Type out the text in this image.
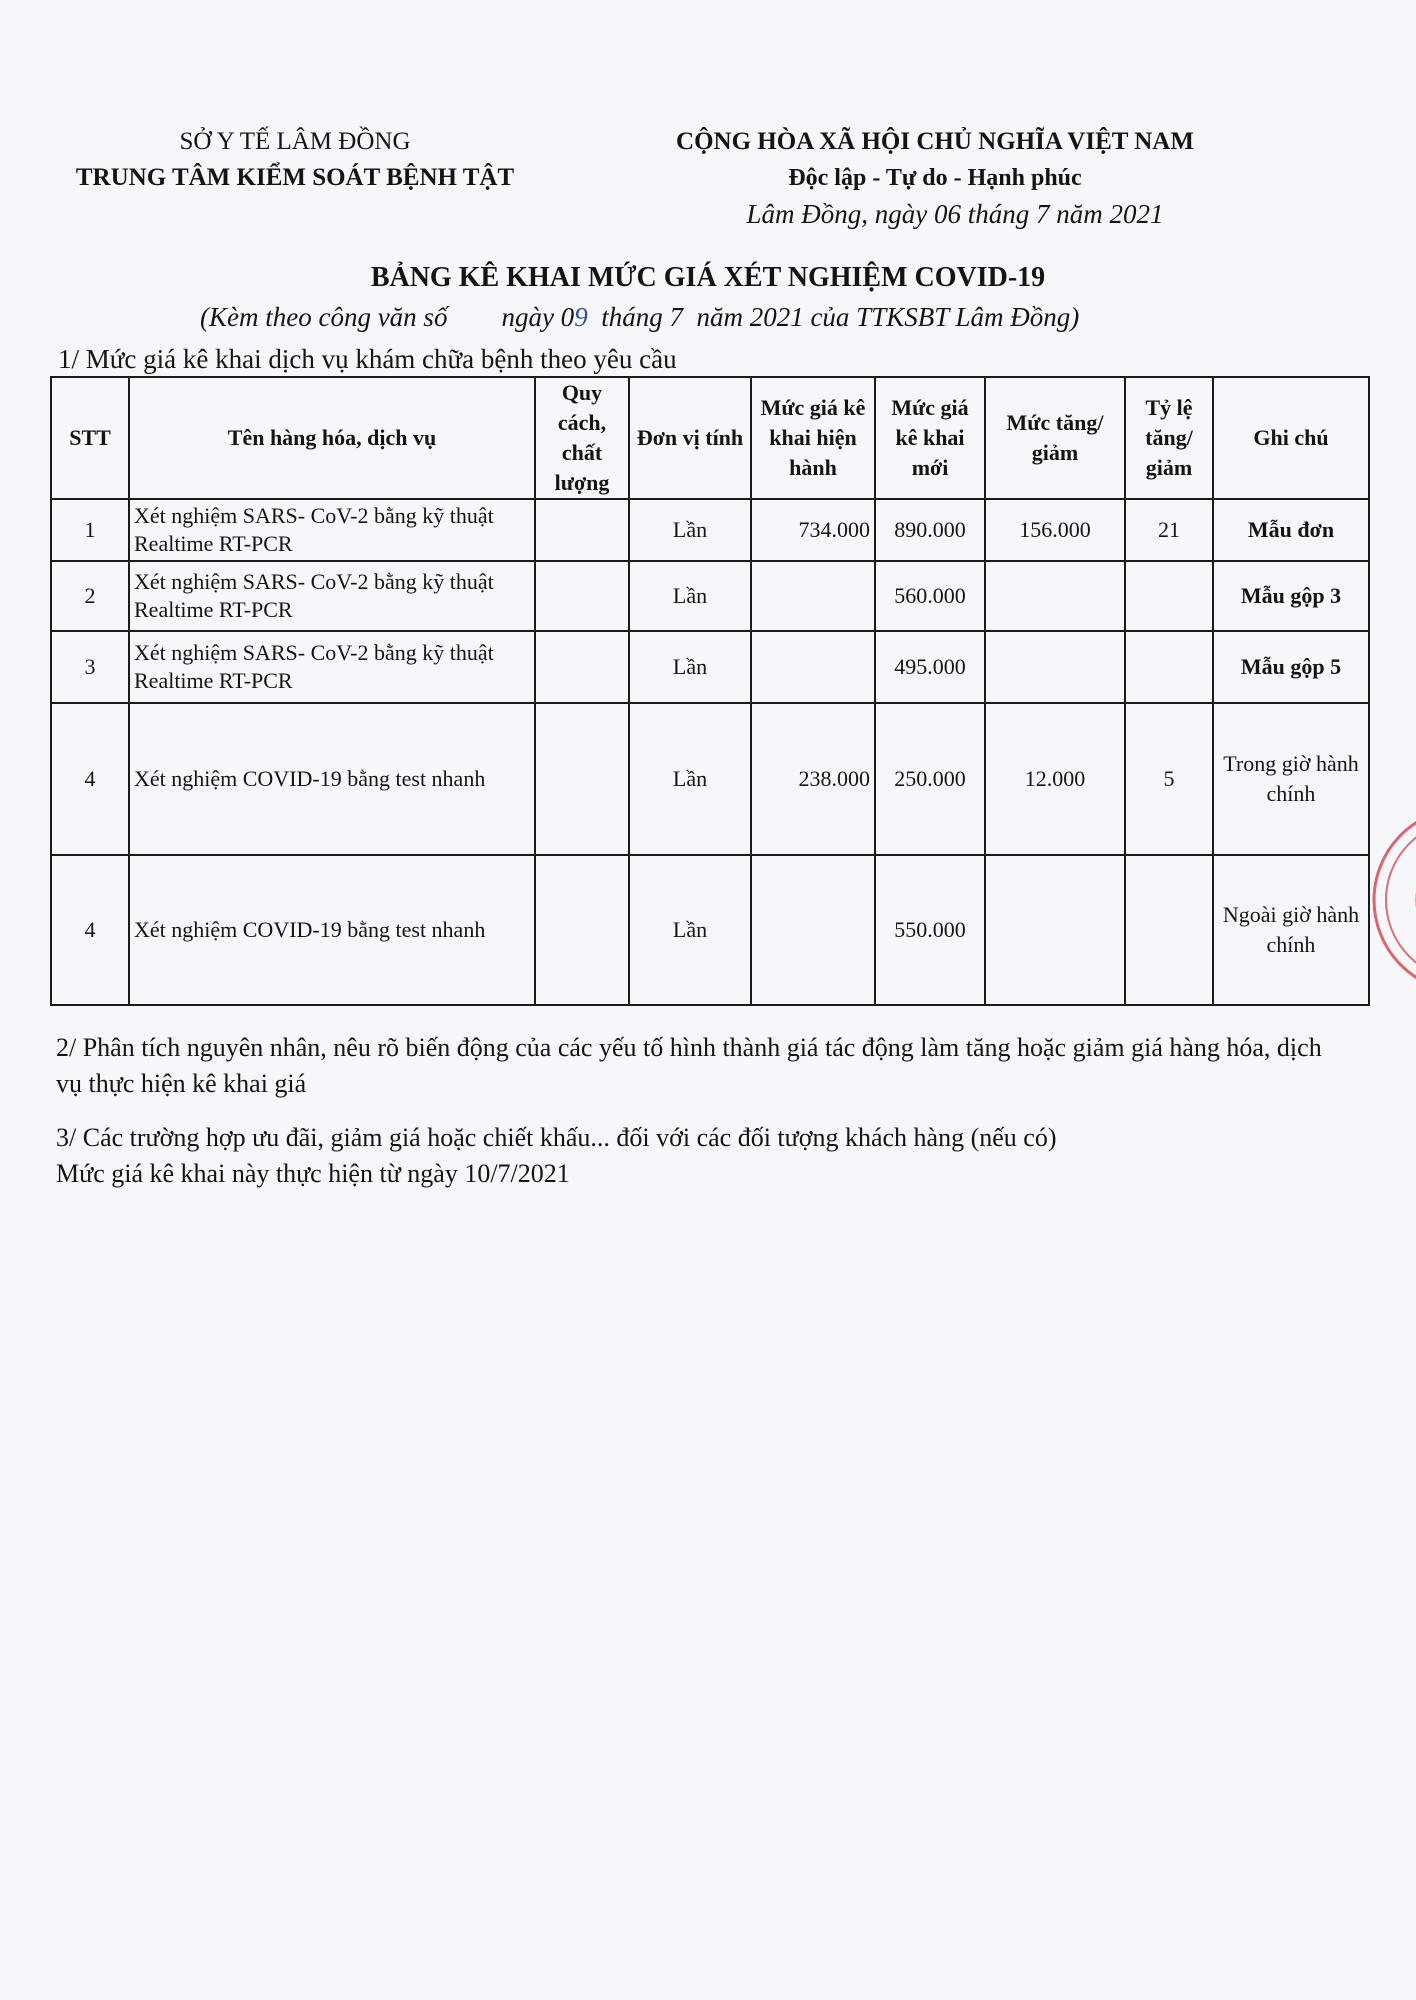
SỞ Y TẾ LÂM ĐỒNG
TRUNG TÂM KIỂM SOÁT BỆNH TẬT
CỘNG HÒA XÃ HỘI CHỦ NGHĨA VIỆT NAM
Độc lập - Tự do - Hạnh phúc
Lâm Đồng, ngày 06 tháng 7 năm 2021
BẢNG KÊ KHAI MỨC GIÁ XÉT NGHIỆM COVID-19
(Kèm theo công văn số        ngày 09  tháng 7  năm 2021 của TTKSBT Lâm Đồng)
1/ Mức giá kê khai dịch vụ khám chữa bệnh theo yêu cầu
STT	Tên hàng hóa, dịch vụ	Quy cách, chất lượng	Đơn vị tính	Mức giá kê khai hiện hành	Mức giá kê khai mới	Mức tăng/ giảm	Tỷ lệ tăng/ giảm	Ghi chú
1	Xét nghiệm SARS- CoV-2 bằng kỹ thuật Realtime RT-PCR		Lần	734.000	890.000	156.000	21	Mẫu đơn
2	Xét nghiệm SARS- CoV-2 bằng kỹ thuật Realtime RT-PCR		Lần		560.000			Mẫu gộp 3
3	Xét nghiệm SARS- CoV-2 bằng kỹ thuật Realtime RT-PCR		Lần		495.000			Mẫu gộp 5
4	Xét nghiệm COVID-19 bằng test nhanh		Lần	238.000	250.000	12.000	5	Trong giờ hành chính
4	Xét nghiệm COVID-19 bằng test nhanh		Lần		550.000			Ngoài giờ hành chính
2/ Phân tích nguyên nhân, nêu rõ biến động của các yếu tố hình thành giá tác động làm tăng hoặc giảm giá hàng hóa, dịch vụ thực hiện kê khai giá
3/ Các trường hợp ưu đãi, giảm giá hoặc chiết khấu... đối với các đối tượng khách hàng (nếu có)
Mức giá kê khai này thực hiện từ ngày 10/7/2021
